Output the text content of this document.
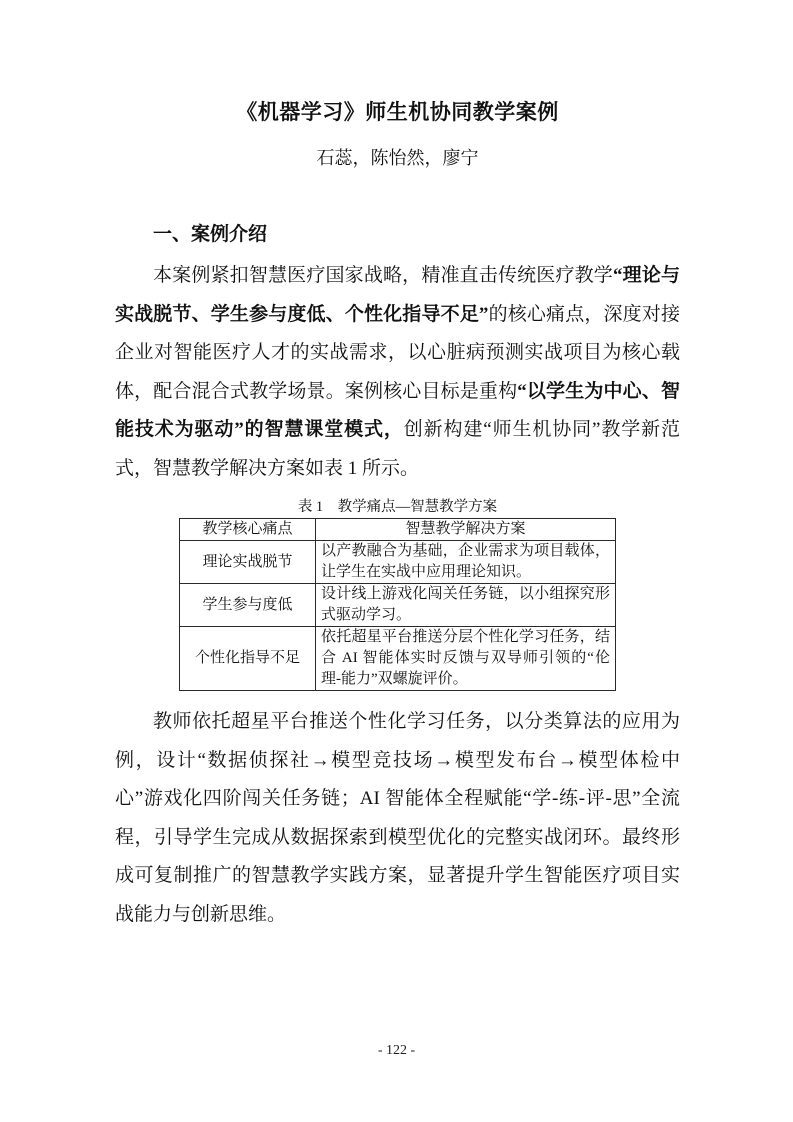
《机器学习》师生机协同教学案例
石蕊，陈怡然，廖宁
一、案例介绍

本案例紧扣智慧医疗国家战略，精准直击传统医疗教学“理论与实战脱节、学生参与度低、个性化指导不足”的核心痛点，深度对接企业对智能医疗人才的实战需求，以心脏病预测实战项目为核心载体，配合混合式教学场景。案例核心目标是重构“以学生为中心、智能技术为驱动”的智慧课堂模式，创新构建“师生机协同”教学新范式，智慧教学解决方案如表 1 所示。

表 1　教学痛点—智慧教学方案
教学核心痛点	智慧教学解决方案
理论实战脱节	以产教融合为基础，企业需求为项目载体，让学生在实战中应用理论知识。
学生参与度低	设计线上游戏化闯关任务链，以小组探究形式驱动学习。
个性化指导不足	依托超星平台推送分层个性化学习任务，结合 AI 智能体实时反馈与双导师引领的“伦理-能力”双螺旋评价。

教师依托超星平台推送个性化学习任务，以分类算法的应用为例，设计“数据侦探社→模型竞技场→模型发布台→模型体检中心”游戏化四阶闯关任务链；AI 智能体全程赋能“学-练-评-思”全流程，引导学生完成从数据探索到模型优化的完整实战闭环。最终形成可复制推广的智慧教学实践方案，显著提升学生智能医疗项目实战能力与创新思维。

- 122 -
